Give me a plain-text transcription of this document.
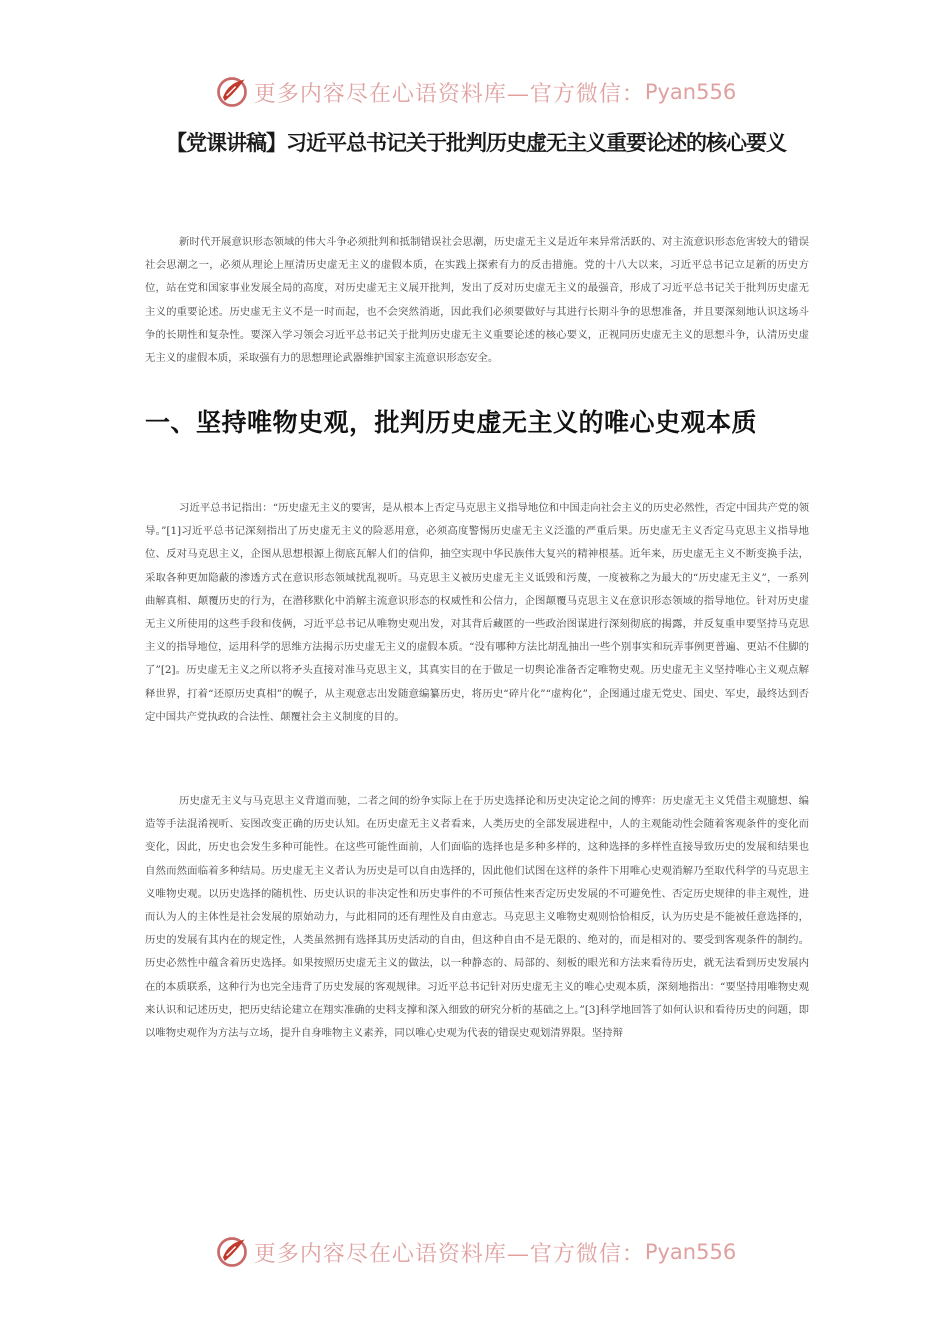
更多内容尽在心语资料库—官方微信： Pyan556
【党课讲稿】习近平总书记关于批判历史虚无主义重要论述的核心要义

新时代开展意识形态领域的伟大斗争必须批判和抵制错误社会思潮，历史虚无主义是近年来异常活跃的、对主流意识形态危害较大的错误社会思潮之一，必须从理论上厘清历史虚无主义的虚假本质，在实践上探索有力的反击措施。党的十八大以来，习近平总书记立足新的历史方位，站在党和国家事业发展全局的高度，对历史虚无主义展开批判，发出了反对历史虚无主义的最强音，形成了习近平总书记关于批判历史虚无主义的重要论述。历史虚无主义不是一时而起，也不会突然消逝，因此我们必须要做好与其进行长期斗争的思想准备，并且要深刻地认识这场斗争的长期性和复杂性。要深入学习领会习近平总书记关于批判历史虚无主义重要论述的核心要义，正视同历史虚无主义的思想斗争，认清历史虚无主义的虚假本质，采取强有力的思想理论武器维护国家主流意识形态安全。

一、坚持唯物史观，批判历史虚无主义的唯心史观本质

习近平总书记指出：“历史虚无主义的要害，是从根本上否定马克思主义指导地位和中国走向社会主义的历史必然性，否定中国共产党的领导。”[1]习近平总书记深刻指出了历史虚无主义的险恶用意，必须高度警惕历史虚无主义泛滥的严重后果。历史虚无主义否定马克思主义指导地位、反对马克思主义，企图从思想根源上彻底瓦解人们的信仰，抽空实现中华民族伟大复兴的精神根基。近年来，历史虚无主义不断变换手法，采取各种更加隐蔽的渗透方式在意识形态领域扰乱视听。马克思主义被历史虚无主义诋毁和污蔑，一度被称之为最大的“历史虚无主义”，一系列曲解真相、颠覆历史的行为，在潜移默化中消解主流意识形态的权威性和公信力，企图颠覆马克思主义在意识形态领域的指导地位。针对历史虚无主义所使用的这些手段和伎俩，习近平总书记从唯物史观出发，对其背后藏匿的一些政治图谋进行深刻彻底的揭露，并反复重申要坚持马克思主义的指导地位，运用科学的思维方法揭示历史虚无主义的虚假本质。“没有哪种方法比胡乱抽出一些个别事实和玩弄事例更普遍、更站不住脚的了”[2]。历史虚无主义之所以将矛头直接对准马克思主义，其真实目的在于做足一切舆论准备否定唯物史观。历史虚无主义坚持唯心主义观点解释世界，打着“还原历史真相”的幌子，从主观意志出发随意编纂历史，将历史“碎片化”“虚构化”，企图通过虚无党史、国史、军史，最终达到否定中国共产党执政的合法性、颠覆社会主义制度的目的。

历史虚无主义与马克思主义背道而驰，二者之间的纷争实际上在于历史选择论和历史决定论之间的博弈：历史虚无主义凭借主观臆想、编造等手法混淆视听、妄图改变正确的历史认知。在历史虚无主义者看来，人类历史的全部发展进程中，人的主观能动性会随着客观条件的变化而变化，因此，历史也会发生多种可能性。在这些可能性面前，人们面临的选择也是多种多样的，这种选择的多样性直接导致历史的发展和结果也自然而然面临着多种结局。历史虚无主义者认为历史是可以自由选择的，因此他们试图在这样的条件下用唯心史观消解乃至取代科学的马克思主义唯物史观。以历史选择的随机性、历史认识的非决定性和历史事件的不可预估性来否定历史发展的不可避免性、否定历史规律的非主观性，进而认为人的主体性是社会发展的原始动力，与此相同的还有理性及自由意志。马克思主义唯物史观则恰恰相反，认为历史是不能被任意选择的，历史的发展有其内在的规定性，人类虽然拥有选择其历史活动的自由，但这种自由不是无限的、绝对的，而是相对的、要受到客观条件的制约。历史必然性中蕴含着历史选择。如果按照历史虚无主义的做法，以一种静态的、局部的、刻板的眼光和方法来看待历史，就无法看到历史发展内在的本质联系，这种行为也完全违背了历史发展的客观规律。习近平总书记针对历史虚无主义的唯心史观本质，深刻地指出：“要坚持用唯物史观来认识和记述历史，把历史结论建立在翔实准确的史料支撑和深入细致的研究分析的基础之上。”[3]科学地回答了如何认识和看待历史的问题，即以唯物史观作为方法与立场，提升自身唯物主义素养，同以唯心史观为代表的错误史观划清界限。坚持辩

更多内容尽在心语资料库—官方微信： Pyan556
